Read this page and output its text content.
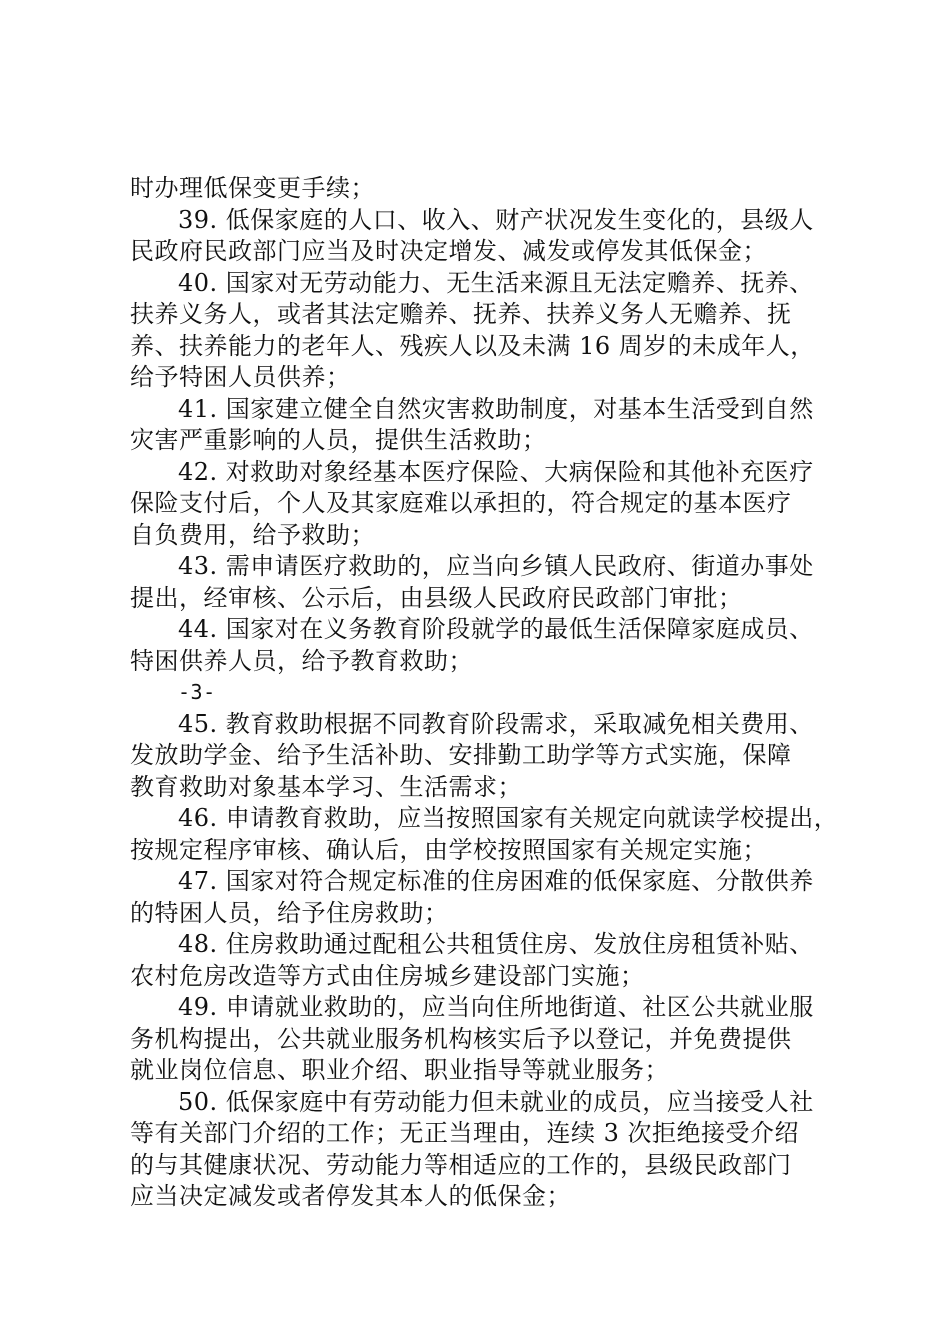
时办理低保变更手续；
39. 低保家庭的人口、收入、财产状况发生变化的，县级人
民政府民政部门应当及时决定增发、减发或停发其低保金；
40. 国家对无劳动能力、无生活来源且无法定赡养、抚养、
扶养义务人，或者其法定赡养、抚养、扶养义务人无赡养、抚
养、扶养能力的老年人、残疾人以及未满 16 周岁的未成年人，
给予特困人员供养；
41. 国家建立健全自然灾害救助制度，对基本生活受到自然
灾害严重影响的人员，提供生活救助；
42. 对救助对象经基本医疗保险、大病保险和其他补充医疗
保险支付后，个人及其家庭难以承担的，符合规定的基本医疗
自负费用，给予救助；
43. 需申请医疗救助的，应当向乡镇人民政府、街道办事处
提出，经审核、公示后，由县级人民政府民政部门审批；
44. 国家对在义务教育阶段就学的最低生活保障家庭成员、
特困供养人员，给予教育救助；
-3-
45. 教育救助根据不同教育阶段需求，采取减免相关费用、
发放助学金、给予生活补助、安排勤工助学等方式实施，保障
教育救助对象基本学习、生活需求；
46. 申请教育救助，应当按照国家有关规定向就读学校提出，
按规定程序审核、确认后，由学校按照国家有关规定实施；
47. 国家对符合规定标准的住房困难的低保家庭、分散供养
的特困人员，给予住房救助；
48. 住房救助通过配租公共租赁住房、发放住房租赁补贴、
农村危房改造等方式由住房城乡建设部门实施；
49. 申请就业救助的，应当向住所地街道、社区公共就业服
务机构提出，公共就业服务机构核实后予以登记，并免费提供
就业岗位信息、职业介绍、职业指导等就业服务；
50. 低保家庭中有劳动能力但未就业的成员，应当接受人社
等有关部门介绍的工作；无正当理由，连续 3 次拒绝接受介绍
的与其健康状况、劳动能力等相适应的工作的，县级民政部门
应当决定减发或者停发其本人的低保金；
